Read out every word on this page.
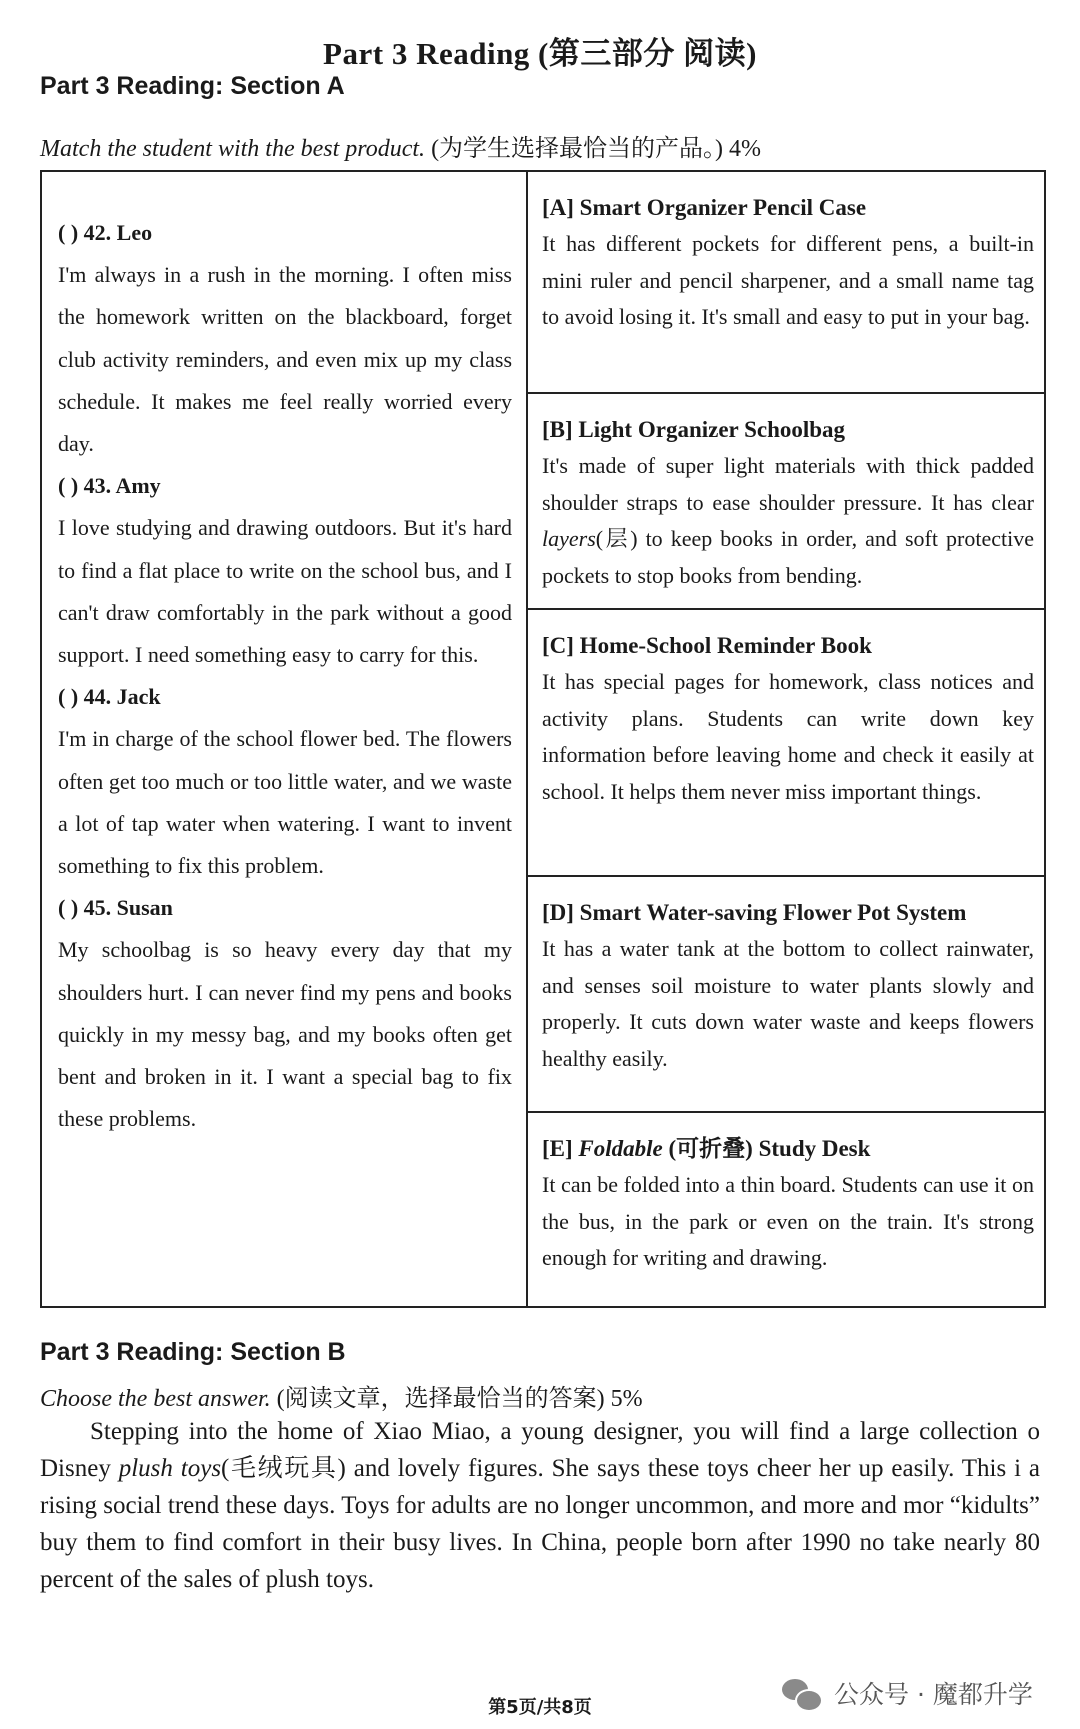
Part 3 Reading (第三部分 阅读)
Part 3 Reading: Section A
Match the student with the best product. (为学生选择最恰当的产品。) 4%
( ) 42. Leo
I'm always in a rush in the morning. I often miss the homework written on the blackboard, forget club activity reminders, and even mix up my class schedule. It makes me feel really worried every day.
( ) 43. Amy
I love studying and drawing outdoors. But it's hard to find a flat place to write on the school bus, and I can't draw comfortably in the park without a good support. I need something easy to carry for this.
( ) 44. Jack
I'm in charge of the school flower bed. The flowers often get too much or too little water, and we waste a lot of tap water when watering. I want to invent something to fix this problem.
( ) 45. Susan
My schoolbag is so heavy every day that my shoulders hurt. I can never find my pens and books quickly in my messy bag, and my books often get bent and broken in it. I want a special bag to fix these problems.
[A] Smart Organizer Pencil Case
It has different pockets for different pens, a built-in mini ruler and pencil sharpener, and a small name tag to avoid losing it. It's small and easy to put in your bag.
[B] Light Organizer Schoolbag
It's made of super light materials with thick padded shoulder straps to ease shoulder pressure. It has clear layers(层) to keep books in order, and soft protective pockets to stop books from bending.
[C] Home-School Reminder Book
It has special pages for homework, class notices and activity plans. Students can write down key information before leaving home and check it easily at school. It helps them never miss important things.
[D] Smart Water-saving Flower Pot System
It has a water tank at the bottom to collect rainwater, and senses soil moisture to water plants slowly and properly. It cuts down water waste and keeps flowers healthy easily.
[E] Foldable (可折叠) Study Desk
It can be folded into a thin board. Students can use it on the bus, in the park or even on the train. It's strong enough for writing and drawing.
Part 3 Reading: Section B
Choose the best answer. (阅读文章，选择最恰当的答案) 5%
Stepping into the home of Xiao Miao, a young designer, you will find a large collection o Disney plush toys(毛绒玩具) and lovely figures. She says these toys cheer her up easily. This i a rising social trend these days. Toys for adults are no longer uncommon, and more and mor “kidults” buy them to find comfort in their busy lives. In China, people born after 1990 no take nearly 80 percent of the sales of plush toys.
公众号 · 魔都升学
第5页/共8页
